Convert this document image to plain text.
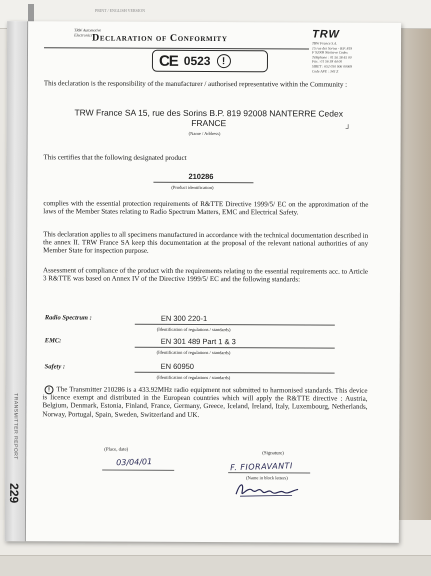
PRINT / ENGLISH VERSION
TRANSMITTER REPORT
229
TRW Automotive
Electronics Declaration of Conformity	TRW
TRW France S.A.
15 rue des Sorins - B.P. 819
F 92008 Nanterre Cedex
Téléphone : 01 56 38 45 00
Fax : 01 56 38 44 00
SIRET : 652 050 906 00069
Code APE : 343 Z
CE 0523	!
This declaration is the responsibility of the manufacturer / authorised representative within the Community :
TRW France SA 15, rue des Sorins B.P. 819 92008 NANTERRE Cedex
FRANCE
(Name / Address)
┘
This certifies that the following designated product
210286
(Product identification)
complies with the essential protection requirements of R&TTE Directive 1999/5/ EC on the approximation of the laws of the Member States relating to Radio Spectrum Matters, EMC and Electrical Safety.
This declaration applies to all specimens manufactured in accordance with the technical documentation described in the annex II. TRW France SA keep this documentation at the proposal of the relevant national authorities of any Member State for inspection purpose.
Assessment of compliance of the product with the requirements relating to the essential requirements acc. to Article 3 R&TTE was based on Annex IV of the Directive 1999/5/ EC and the following standards:
Radio Spectrum :	EN 300 220-1
(Identification of regulations / standards)
EMC:	EN 301 489 Part 1 & 3
(Identification of regulations / standards)
Safety :	EN 60950
(Identification of regulations / standards)
! The Transmitter 210286 is a 433.92MHz radio equipment not submitted to harmonised standards. This device is licence exempt and distributed in the European countries which will apply the R&TTE directive : Austria, Belgium, Denmark, Estonia, Finland, France, Germany, Greece, Iceland, Ireland, Italy, Luxembourg, Netherlands, Norway, Portugal, Spain, Sweden, Switzerland and UK.
(Place, date)
(Signature)
03/04/01	F. FIORAVANTI
(Name in block letters)
